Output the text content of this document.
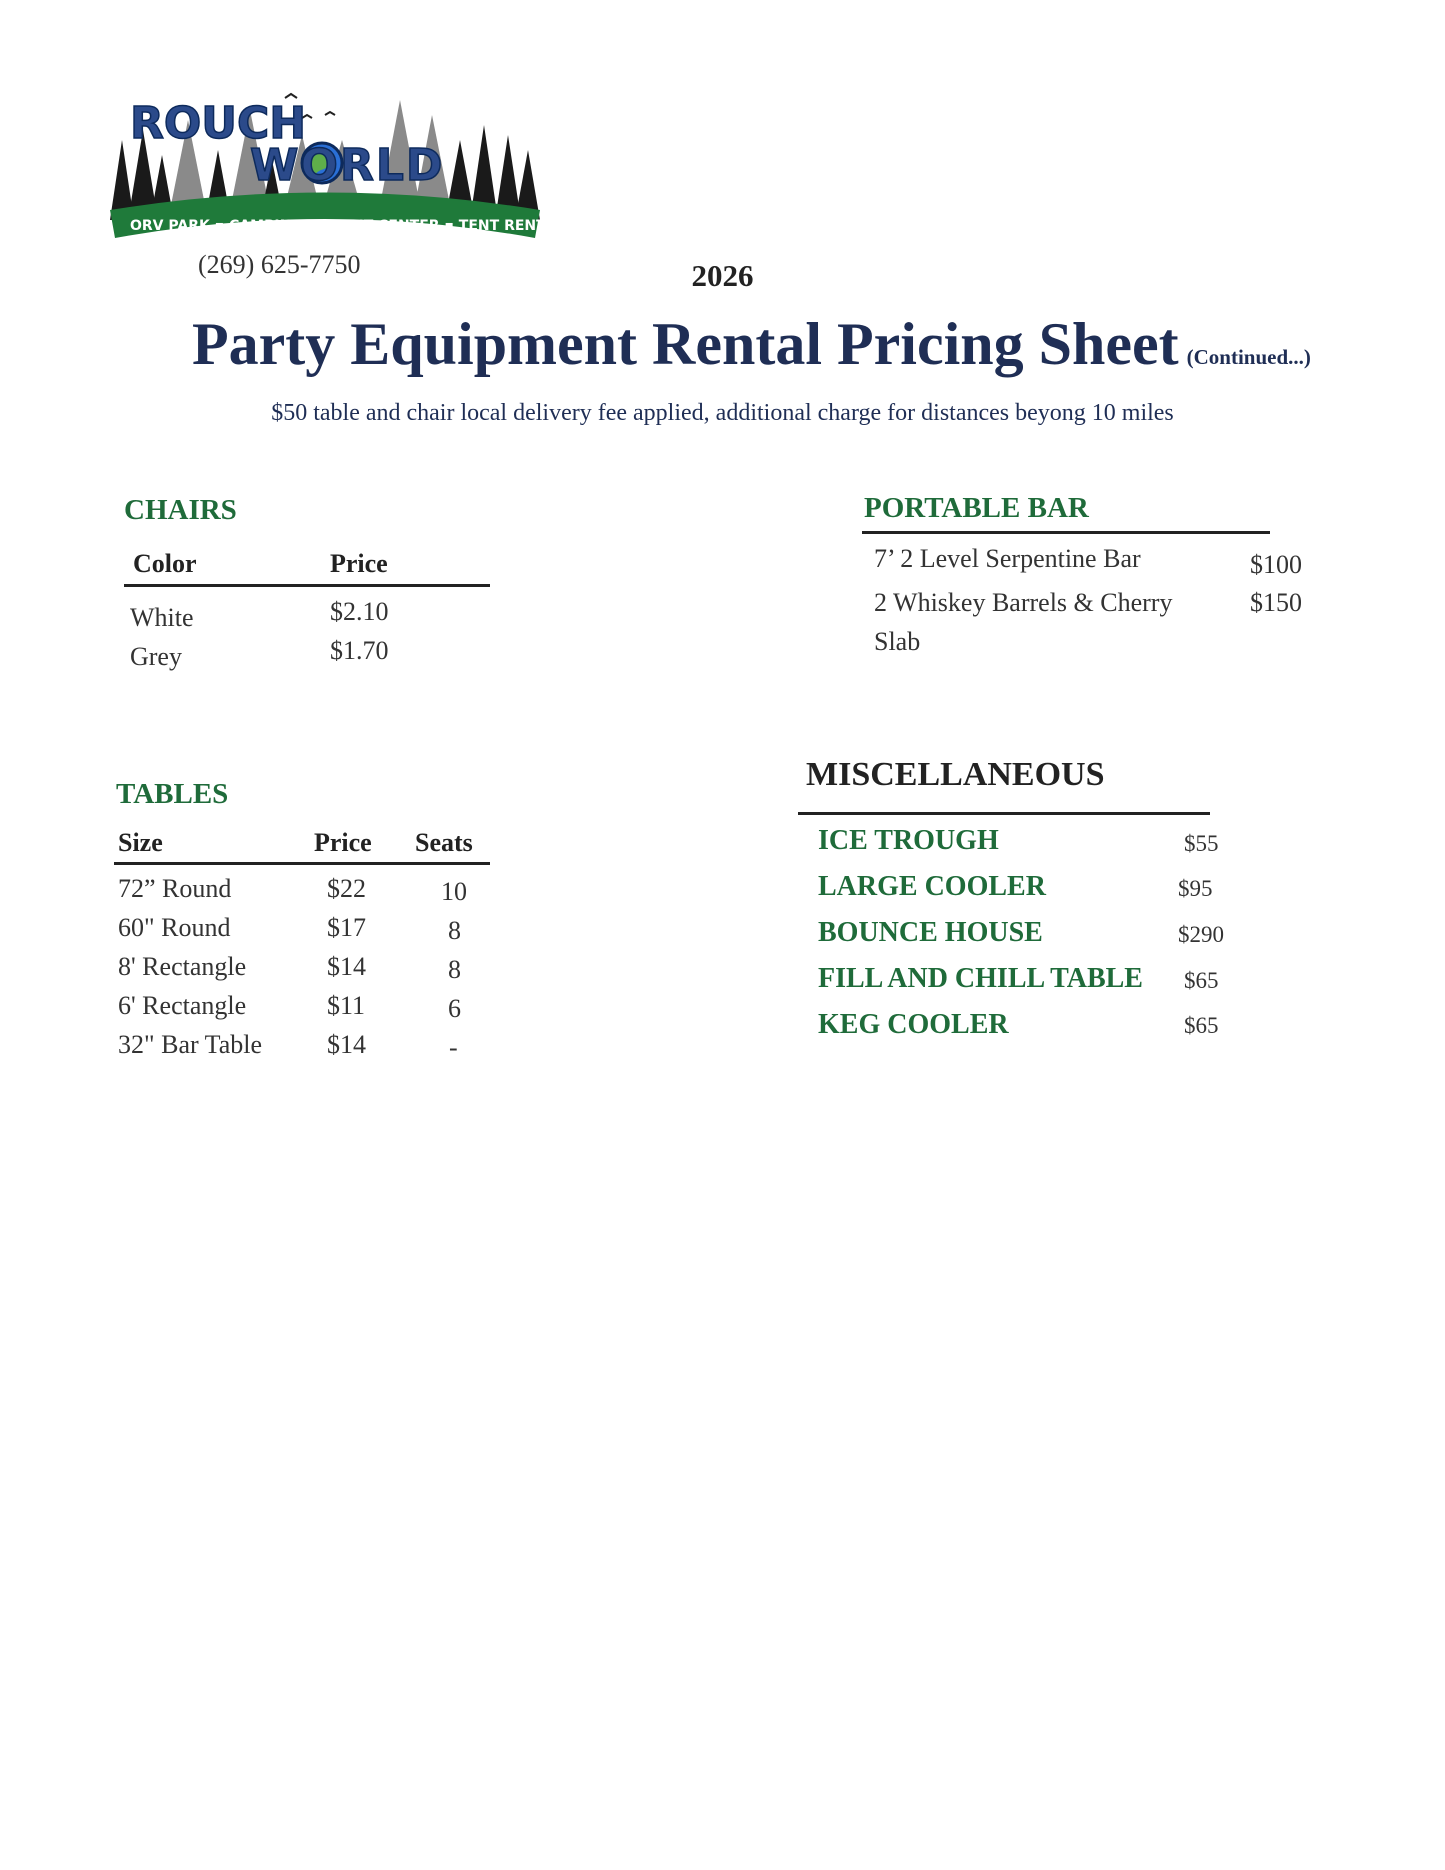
ROUCH
WORLD
ORV PARK ▪ CAMPING ▪ EVENT CENTER ▪ TENT RENTAL
(269) 625-7750	2026
Party Equipment Rental Pricing Sheet (Continued...)
$50 table and chair local delivery fee applied, additional charge for distances beyong 10 miles
CHAIRS
Color	Price
White	$2.10
Grey	$1.70
TABLES
Size	Price Seats
72” Round	$22	10
60" Round	$17	8
8' Rectangle	$14	8
6' Rectangle	$11	6
32" Bar Table $14	-
PORTABLE BAR
7’ 2 Level Serpentine Bar	$100
2 Whiskey Barrels & Cherry
Slab
$150
MISCELLANEOUS
ICE TROUGH	$55
LARGE COOLER	$95
BOUNCE HOUSE	$290
FILL AND CHILL TABLE $65
KEG COOLER	$65
